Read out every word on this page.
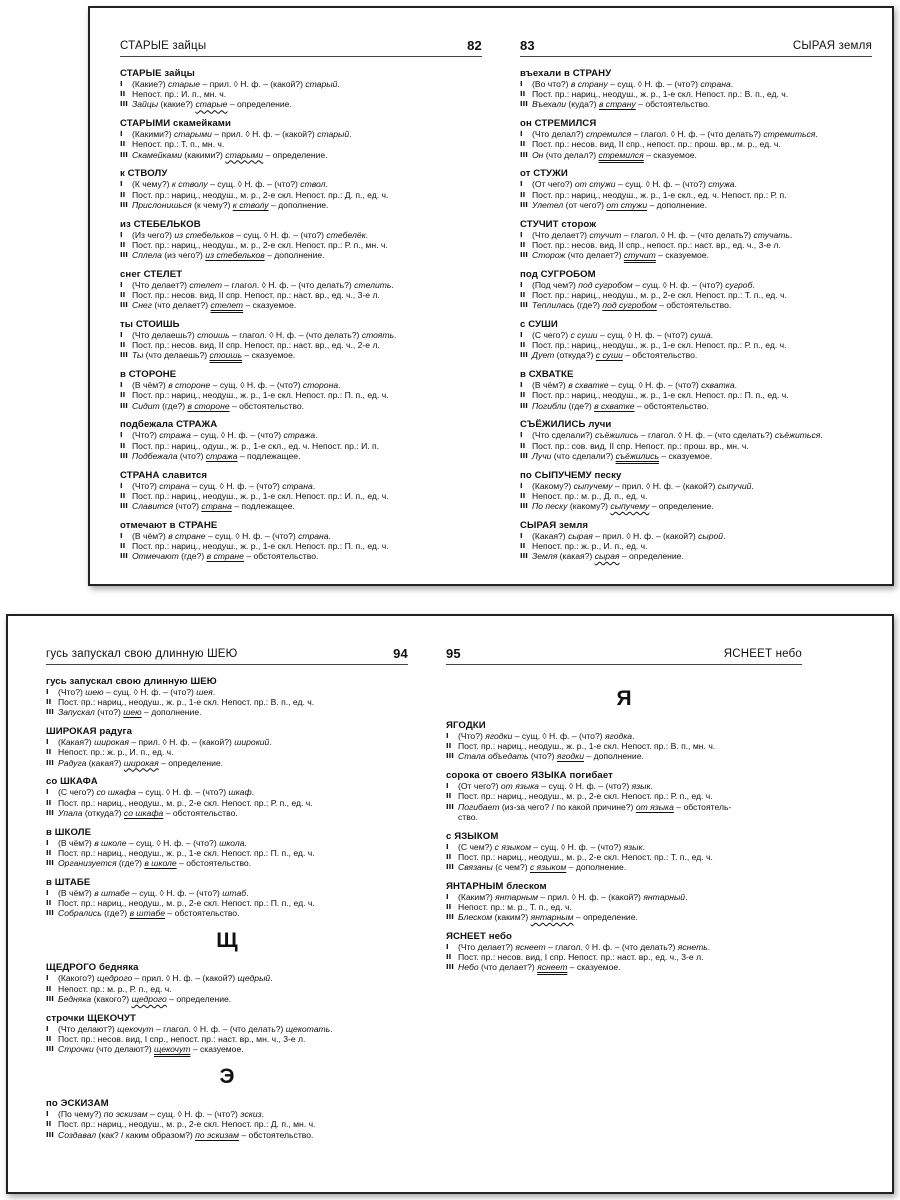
СТАРЫЕ зайцы	82
СТАРЫЕ зайцы
I (Какие?) старые – прил. ◊ Н. ф. – (какой?) старый.
II Непост. пр.: И. п., мн. ч.
III Зайцы (какие?) старые – определение.
СТАРЫМИ скамейками
I (Какими?) старыми – прил. ◊ Н. ф. – (какой?) старый.
II Непост. пр.: Т. п., мн. ч.
III Скамейками (какими?) старыми – определение.
к СТВОЛУ
I (К чему?) к стволу – сущ. ◊ Н. ф. – (что?) ствол.
II Пост. пр.: нариц., неодуш., м. р., 2-е скл. Непост. пр.: Д. п., ед. ч.
III Прислонишься (к чему?) к стволу – дополнение.
из СТЕБЕЛЬКОВ
I (Из чего?) из стебельков – сущ. ◊ Н. ф. – (что?) стебелёк.
II Пост. пр.: нариц., неодуш., м. р., 2-е скл. Непост. пр.: Р. п., мн. ч.
III Сплела (из чего?) из стебельков – дополнение.
снег СТЕЛЕТ
I (Что делает?) стелет – глагол. ◊ Н. ф. – (что делать?) стелить.
II Пост. пр.: несов. вид, II спр. Непост. пр.: наст. вр., ед. ч., 3-е л.
III Снег (что делает?) стелет – сказуемое.
ты СТОИШЬ
I (Что делаешь?) стоишь – глагол. ◊ Н. ф. – (что делать?) стоять.
II Пост. пр.: несов. вид, II спр. Непост. пр.: наст. вр., ед. ч., 2-е л.
III Ты (что делаешь?) стоишь – сказуемое.
в СТОРОНЕ
I (В чём?) в стороне – сущ. ◊ Н. ф. – (что?) сторона.
II Пост. пр.: нариц., неодуш., ж. р., 1-е скл. Непост. пр.: П. п., ед. ч.
III Сидит (где?) в стороне – обстоятельство.
подбежала СТРАЖА
I (Что?) стража – сущ. ◊ Н. ф. – (что?) стража.
II Пост. пр.: нариц., одуш., ж. р., 1-е скл., ед. ч. Непост. пр.: И. п.
III Подбежала (что?) стража – подлежащее.
СТРАНА славится
I (Что?) страна – сущ. ◊ Н. ф. – (что?) страна.
II Пост. пр.: нариц., неодуш., ж. р., 1-е скл. Непост. пр.: И. п., ед. ч.
III Славится (что?) страна – подлежащее.
отмечают в СТРАНЕ
I (В чём?) в стране – сущ. ◊ Н. ф. – (что?) страна.
II Пост. пр.: нариц., неодуш., ж. р., 1-е скл. Непост. пр.: П. п., ед. ч.
III Отмечают (где?) в стране – обстоятельство.
СЫРАЯ земля
83
въехали в СТРАНУ
I (Во что?) в страну – сущ. ◊ Н. ф. – (что?) страна.
II Пост. пр.: нариц., неодуш., ж. р., 1-е скл. Непост. пр.: В. п., ед. ч.
III Въехали (куда?) в страну – обстоятельство.
он СТРЕМИЛСЯ
I (Что делал?) стремился – глагол. ◊ Н. ф. – (что делать?) стремиться.
II Пост. пр.: несов. вид, II спр., непост. пр.: прош. вр., м. р., ед. ч.
III Он (что делал?) стремился – сказуемое.
от СТУЖИ
I (От чего?) от стужи – сущ. ◊ Н. ф. – (что?) стужа.
II Пост. пр.: нариц., неодуш., ж. р., 1-е скл., ед. ч. Непост. пр.: Р. п.
III Улетел (от чего?) от стужи – дополнение.
СТУЧИТ сторож
I (Что делает?) стучит – глагол. ◊ Н. ф. – (что делать?) стучать.
II Пост. пр.: несов. вид, II спр., непост. пр.: наст. вр., ед. ч., 3-е л.
III Сторож (что делает?) стучит – сказуемое.
под СУГРОБОМ
I (Под чем?) под сугробом – сущ. ◊ Н. ф. – (что?) сугроб.
II Пост. пр.: нариц., неодуш., м. р., 2-е скл. Непост. пр.: Т. п., ед. ч.
III Теплилась (где?) под сугробом – обстоятельство.
с СУШИ
I (С чего?) с суши – сущ. ◊ Н. ф. – (что?) суша.
II Пост. пр.: нариц., неодуш., ж. р., 1-е скл. Непост. пр.: Р. п., ед. ч.
III Дует (откуда?) с суши – обстоятельство.
в СХВАТКЕ
I (В чём?) в схватке – сущ. ◊ Н. ф. – (что?) схватка.
II Пост. пр.: нариц., неодуш., ж. р., 1-е скл. Непост. пр.: П. п., ед. ч.
III Погибли (где?) в схватке – обстоятельство.
СЪЁЖИЛИСЬ лучи
I (Что сделали?) съёжились – глагол. ◊ Н. ф. – (что сделать?) съёжиться.
II Пост. пр.: сов. вид, II спр. Непост. пр.: прош. вр., мн. ч.
III Лучи (что сделали?) съёжились – сказуемое.
по СЫПУЧЕМУ песку
I (Какому?) сыпучему – прил. ◊ Н. ф. – (какой?) сыпучий.
II Непост. пр.: м. р., Д. п., ед. ч.
III По песку (какому?) сыпучему – определение.
СЫРАЯ земля
I (Какая?) сырая – прил. ◊ Н. ф. – (какой?) сырой.
II Непост. пр.: ж. р., И. п., ед. ч.
III Земля (какая?) сырая – определение.
гусь запускал свою длинную ШЕЮ	94
гусь запускал свою длинную ШЕЮ
I (Что?) шею – сущ. ◊ Н. ф. – (что?) шея.
II Пост. пр.: нариц., неодуш., ж. р., 1-е скл. Непост. пр.: В. п., ед. ч.
III Запускал (что?) шею – дополнение.
ШИРОКАЯ радуга
I (Какая?) широкая – прил. ◊ Н. ф. – (какой?) широкий.
II Непост. пр.: ж. р., И. п., ед. ч.
III Радуга (какая?) широкая – определение.
со ШКАФА
I (С чего?) со шкафа – сущ. ◊ Н. ф. – (что?) шкаф.
II Пост. пр.: нариц., неодуш., м. р., 2-е скл. Непост. пр.: Р. п., ед. ч.
III Упала (откуда?) со шкафа – обстоятельство.
в ШКОЛЕ
I (В чём?) в школе – сущ. ◊ Н. ф. – (что?) школа.
II Пост. пр.: нариц., неодуш., ж. р., 1-е скл. Непост. пр.: П. п., ед. ч.
III Организуется (где?) в школе – обстоятельство.
в ШТАБЕ
I (В чём?) в штабе – сущ. ◊ Н. ф. – (что?) штаб.
II Пост. пр.: нариц., неодуш., м. р., 2-е скл. Непост. пр.: П. п., ед. ч.
III Собрались (где?) в штабе – обстоятельство.
Щ
ЩЕДРОГО бедняка
I (Какого?) щедрого – прил. ◊ Н. ф. – (какой?) щедрый.
II Непост. пр.: м. р., Р. п., ед. ч.
III Бедняка (какого?) щедрого – определение.
строчки ЩЕКОЧУТ
I (Что делают?) щекочут – глагол. ◊ Н. ф. – (что делать?) щекотать.
II Пост. пр.: несов. вид, I спр., непост. пр.: наст. вр., мн. ч., 3-е л.
III Строчки (что делают?) щекочут – сказуемое.
Э
по ЭСКИЗАМ
I (По чему?) по эскизам – сущ. ◊ Н. ф. – (что?) эскиз.
II Пост. пр.: нариц., неодуш., м. р., 2-е скл. Непост. пр.: Д. п., мн. ч.
III Создавал (как? / каким образом?) по эскизам – обстоятельство.
ЯСНЕЕТ небо
95
Я
ЯГОДКИ
I (Что?) ягодки – сущ. ◊ Н. ф. – (что?) ягодка.
II Пост. пр.: нариц., неодуш., ж. р., 1-е скл. Непост. пр.: В. п., мн. ч.
III Стала объедать (что?) ягодки – дополнение.
сорока от своего ЯЗЫКА погибает
I (От чего?) от языка – сущ. ◊ Н. ф. – (что?) язык.
II Пост. пр.: нариц., неодуш., м. р., 2-е скл. Непост. пр.: Р. п., ед. ч.
III Погибает (из-за чего? / по какой причине?) от языка – обстоятель-
ство.
с ЯЗЫКОМ
I (С чем?) с языком – сущ. ◊ Н. ф. – (что?) язык.
II Пост. пр.: нариц., неодуш., м. р., 2-е скл. Непост. пр.: Т. п., ед. ч.
III Связаны (с чем?) с языком – дополнение.
ЯНТАРНЫМ блеском
I (Каким?) янтарным – прил. ◊ Н. ф. – (какой?) янтарный.
II Непост. пр.: м. р., Т. п., ед. ч.
III Блеском (каким?) янтарным – определение.
ЯСНЕЕТ небо
I (Что делает?) яснеет – глагол. ◊ Н. ф. – (что делать?) яснеть.
II Пост. пр.: несов. вид, I спр. Непост. пр.: наст. вр., ед. ч., 3-е л.
III Небо (что делает?) яснеет – сказуемое.
